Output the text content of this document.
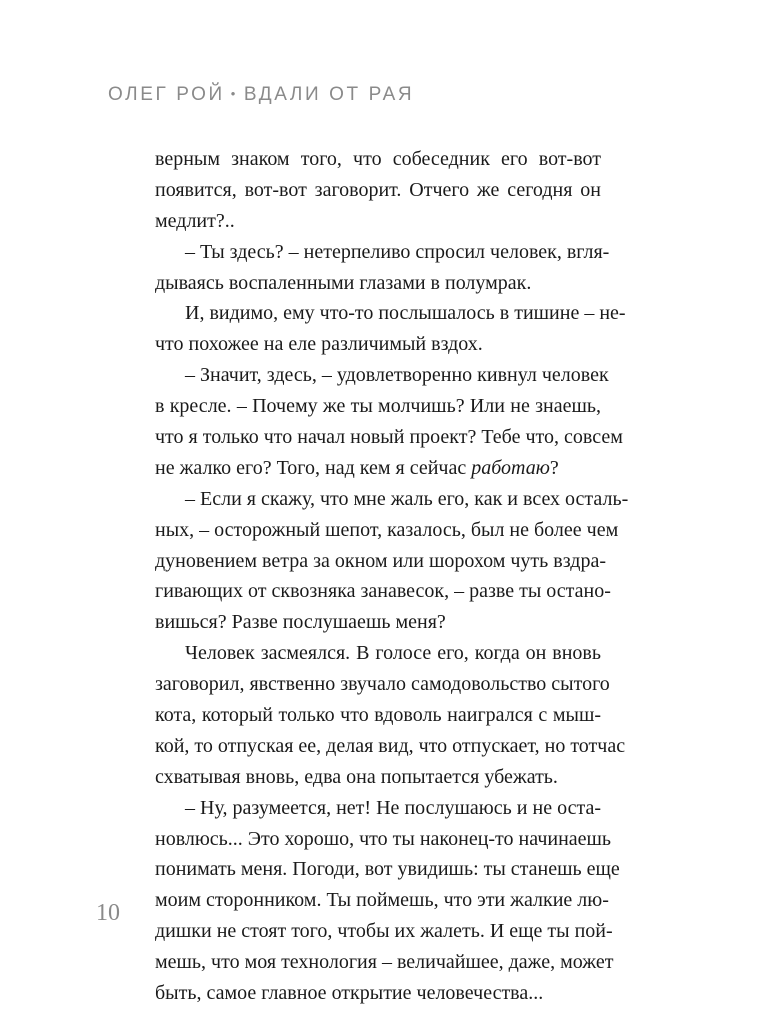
ОЛЕГ РОЙ • ВДАЛИ ОТ РАЯ
верным знаком того, что собеседник его вот-вот
появится, вот-вот заговорит. Отчего же сегодня он
медлит?..
– Ты здесь? – нетерпеливо спросил человек, вгля-
дываясь воспаленными глазами в полумрак.
И, видимо, ему что-то послышалось в тишине – не-
что похожее на еле различимый вздох.
– Значит, здесь, – удовлетворенно кивнул человек
в кресле. – Почему же ты молчишь? Или не знаешь,
что я только что начал новый проект? Тебе что, совсем
не жалко его? Того, над кем я сейчас работаю?
– Если я скажу, что мне жаль его, как и всех осталь-
ных, – осторожный шепот, казалось, был не более чем
дуновением ветра за окном или шорохом чуть вздра-
гивающих от сквозняка занавесок, – разве ты остано-
вишься? Разве послушаешь меня?
Человек засмеялся. В голосе его, когда он вновь
заговорил, явственно звучало самодовольство сытого
кота, который только что вдоволь наигрался с мыш-
кой, то отпуская ее, делая вид, что отпускает, но тотчас
схватывая вновь, едва она попытается убежать.
– Ну, разумеется, нет! Не послушаюсь и не оста-
новлюсь... Это хорошо, что ты наконец-то начинаешь
понимать меня. Погоди, вот увидишь: ты станешь еще
моим сторонником. Ты поймешь, что эти жалкие лю-
дишки не стоят того, чтобы их жалеть. И еще ты пой-
мешь, что моя технология – величайшее, даже, может
быть, самое главное открытие человечества...
10
